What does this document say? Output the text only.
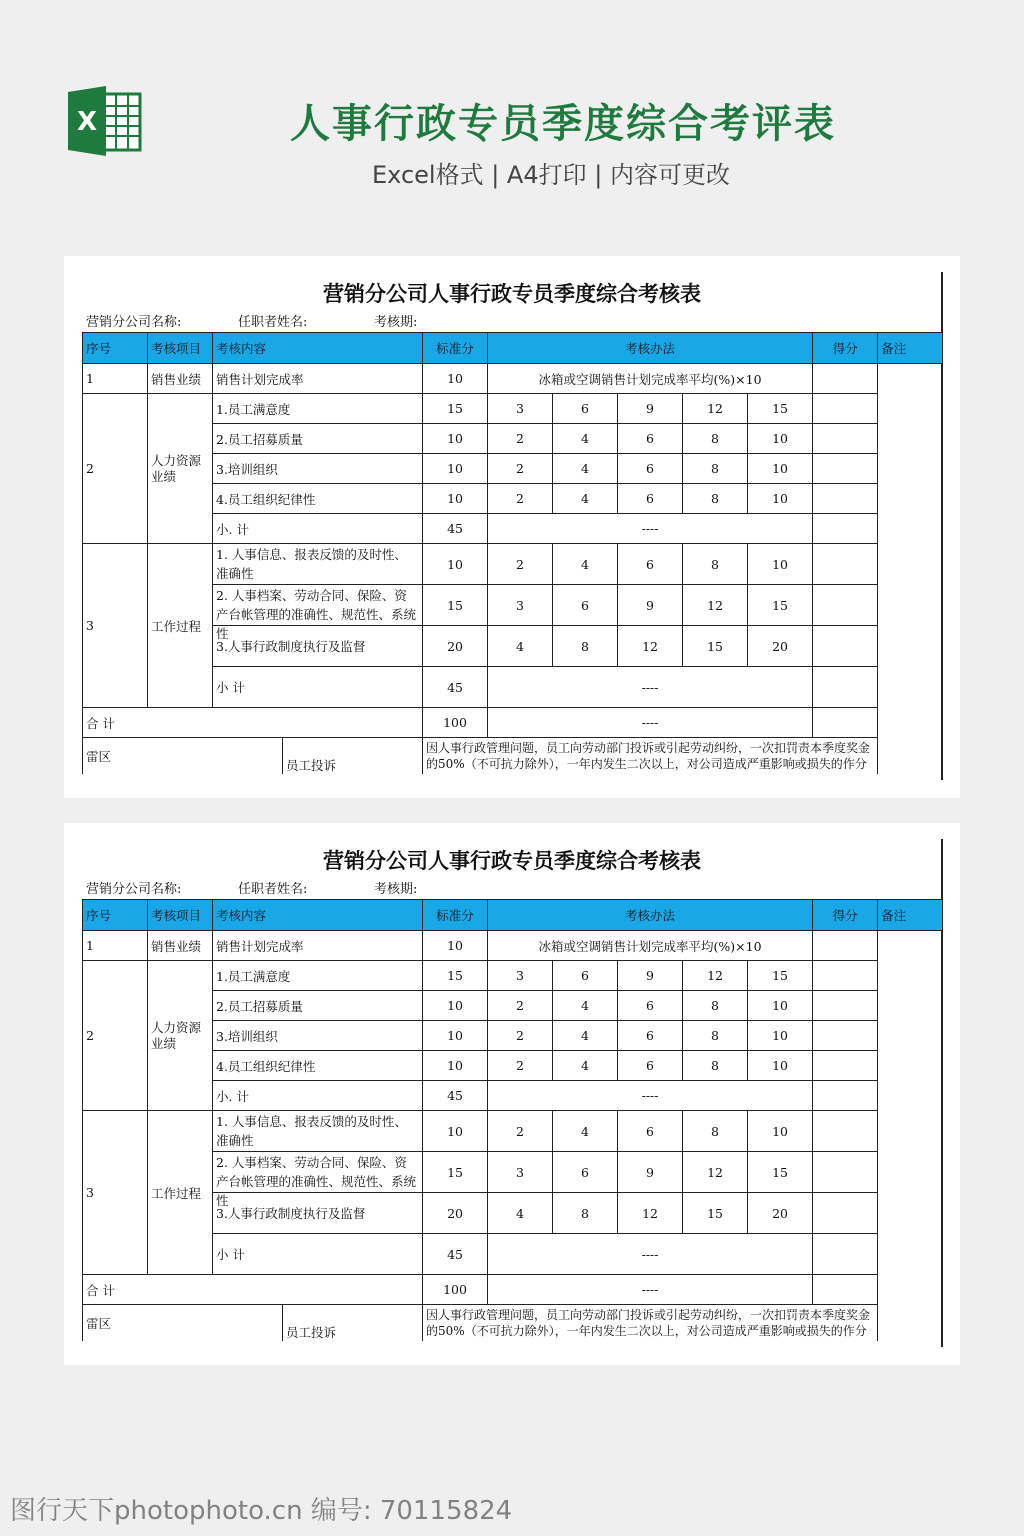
X	人事行政专员季度综合考评表
Excel格式 | A4打印 | 内容可更改
营销分公司人事行政专员季度综合考核表
营销分公司名称:	任职者姓名:	考核期:
序号	考核项目	考核内容		标准分	考核办法					得分	备注
1	销售业绩	销售计划完成率		10	冰箱或空调销售计划完成率平均(%)×10						
2	人力资源业绩	1.员工满意度		15	3	6	9	12	15		
		2.员工招募质量		10	2	4	6	8	10		
		3.培训组织		10	2	4	6	8	10		
		4.员工组织纪律性		10	2	4	6	8	10		
		小. 计		45	----						
3	工作过程	1. 人事信息、报表反馈的及时性、准确性		10	2	4	6	8	10		

		2. 人事档案、劳动合同、保险、资产台帐管理的准确性、规范性、系统性		15	3	6	9	12	15		
		3.人事行政制度执行及监督		20	4	8	12	15	20		
		小 计		45	----						
合 计				100	----						
雷区			员工投诉	因人事行政管理问题，员工向劳动部门投诉或引起劳动纠纷，一次扣罚责本季度奖金的50%（不可抗力除外），一年内发生二次以上，对公司造成严重影响或损失的作分							
营销分公司人事行政专员季度综合考核表
营销分公司名称:	任职者姓名:	考核期:
序号	考核项目	考核内容		标准分	考核办法					得分	备注
1	销售业绩	销售计划完成率		10	冰箱或空调销售计划完成率平均(%)×10						
2	人力资源业绩	1.员工满意度		15	3	6	9	12	15		
		2.员工招募质量		10	2	4	6	8	10		
		3.培训组织		10	2	4	6	8	10		
		4.员工组织纪律性		10	2	4	6	8	10		
		小. 计		45	----						
3	工作过程	1. 人事信息、报表反馈的及时性、准确性		10	2	4	6	8	10		

		2. 人事档案、劳动合同、保险、资产台帐管理的准确性、规范性、系统性		15	3	6	9	12	15		
		3.人事行政制度执行及监督		20	4	8	12	15	20		
		小 计		45	----						
合 计				100	----						
雷区			员工投诉	因人事行政管理问题，员工向劳动部门投诉或引起劳动纠纷，一次扣罚责本季度奖金的50%（不可抗力除外），一年内发生二次以上，对公司造成严重影响或损失的作分							
图行天下photophoto.cn 编号: 70115824
